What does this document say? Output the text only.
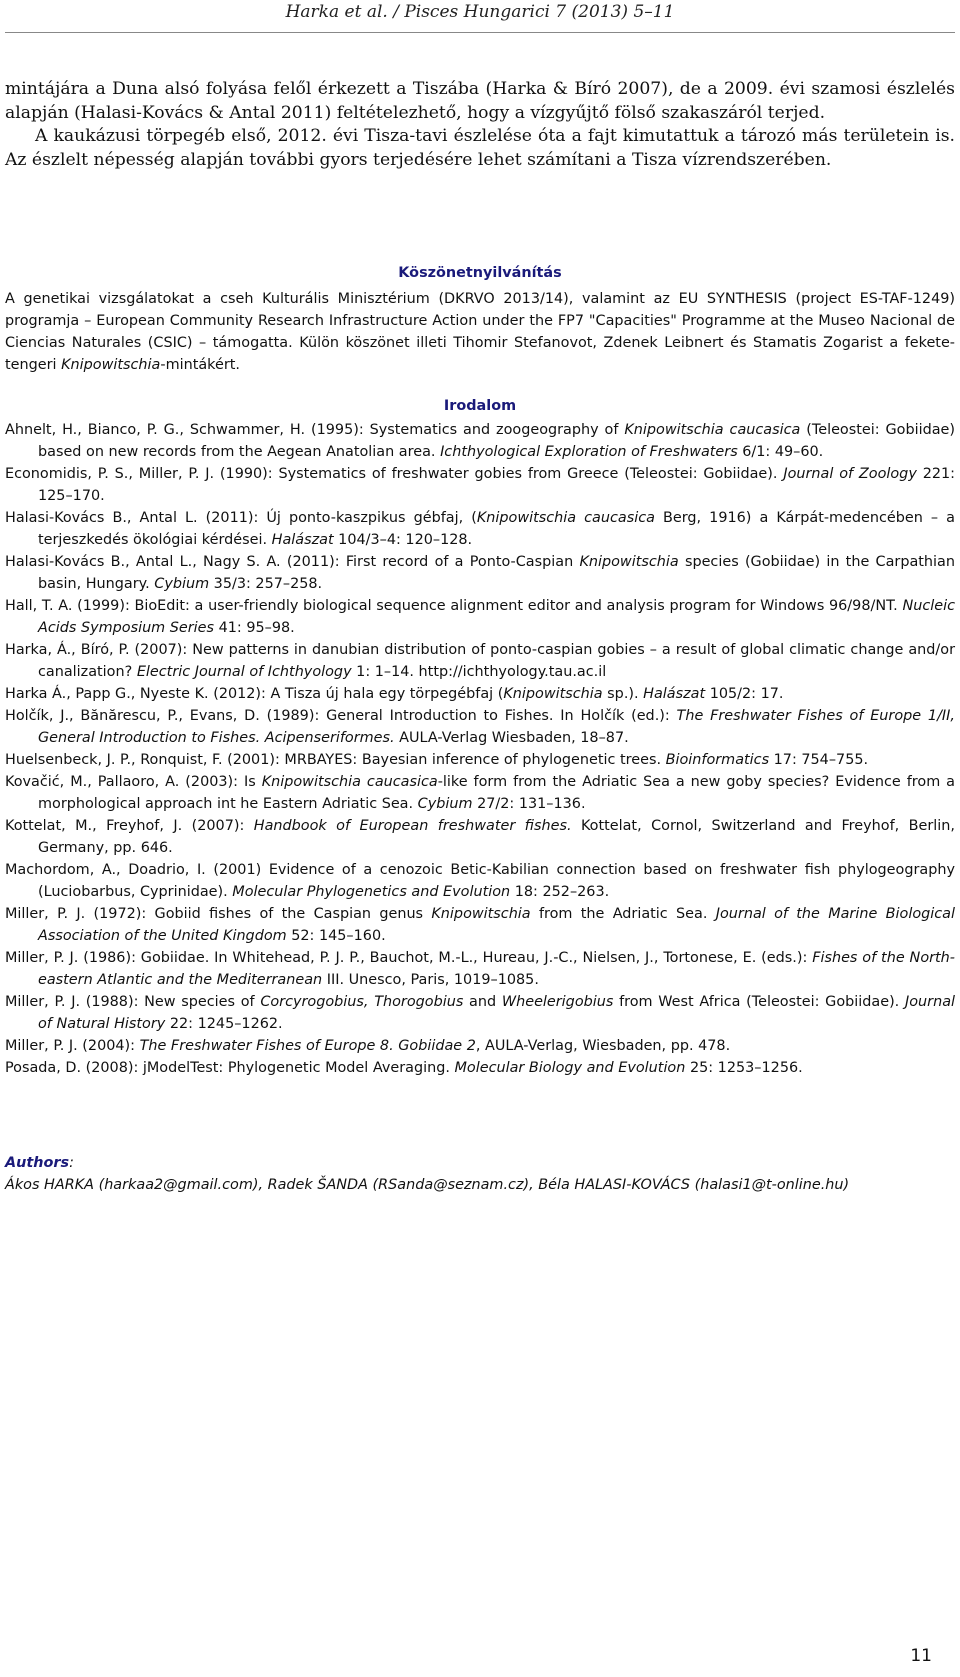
Harka et al. / Pisces Hungarici 7 (2013) 5–11

mintájára a Duna alsó folyása felől érkezett a Tiszába (Harka & Bíró 2007), de a 2009. évi szamosi észlelés alapján (Halasi-Kovács & Antal 2011) feltételezhető, hogy a vízgyűjtő fölső szakaszáról terjed.

A kaukázusi törpegéb első, 2012. évi Tisza-tavi észlelése óta a fajt kimutattuk a tározó más területein is. Az észlelt népesség alapján további gyors terjedésére lehet számítani a Tisza vízrendszerében.

Köszönetnyilvánítás

A genetikai vizsgálatokat a cseh Kulturális Minisztérium (DKRVO 2013/14), valamint az EU SYNTHESIS (project ES-TAF-1249) programja – European Community Research Infrastructure Action under the FP7 "Capacities" Programme at the Museo Nacional de Ciencias Naturales (CSIC) – támogatta. Külön köszönet illeti Tihomir Stefanovot, Zdenek Leibnert és Stamatis Zogarist a fekete-tengeri Knipowitschia-mintákért.

Irodalom

Ahnelt, H., Bianco, P. G., Schwammer, H. (1995): Systematics and zoogeography of Knipowitschia caucasica (Teleostei: Gobiidae) based on new records from the Aegean Anatolian area. Ichthyological Exploration of Freshwaters 6/1: 49–60.

Economidis, P. S., Miller, P. J. (1990): Systematics of freshwater gobies from Greece (Teleostei: Gobiidae). Journal of Zoology 221: 125–170.

Halasi-Kovács B., Antal L. (2011): Új ponto-kaszpikus gébfaj, (Knipowitschia caucasica Berg, 1916) a Kárpát-medencében – a terjeszkedés ökológiai kérdései. Halászat 104/3–4: 120–128.

Halasi-Kovács B., Antal L., Nagy S. A. (2011): First record of a Ponto-Caspian Knipowitschia species (Gobiidae) in the Carpathian basin, Hungary. Cybium 35/3: 257–258.

Hall, T. A. (1999): BioEdit: a user-friendly biological sequence alignment editor and analysis program for Windows 96/98/NT. Nucleic Acids Symposium Series 41: 95–98.

Harka, Á., Bíró, P. (2007): New patterns in danubian distribution of ponto-caspian gobies – a result of global climatic change and/or canalization? Electric Journal of Ichthyology 1: 1–14. http://ichthyology.tau.ac.il

Harka Á., Papp G., Nyeste K. (2012): A Tisza új hala egy törpegébfaj (Knipowitschia sp.). Halászat 105/2: 17.

Holčík, J., Bănărescu, P., Evans, D. (1989): General Introduction to Fishes. In Holčík (ed.): The Freshwater Fishes of Europe 1/II, General Introduction to Fishes. Acipenseriformes. AULA-Verlag Wiesbaden, 18–87.

Huelsenbeck, J. P., Ronquist, F. (2001): MRBAYES: Bayesian inference of phylogenetic trees. Bioinformatics 17: 754–755.

Kovačić, M., Pallaoro, A. (2003): Is Knipowitschia caucasica-like form from the Adriatic Sea a new goby species? Evidence from a morphological approach int he Eastern Adriatic Sea. Cybium 27/2: 131–136.

Kottelat, M., Freyhof, J. (2007): Handbook of European freshwater fishes. Kottelat, Cornol, Switzerland and Freyhof, Berlin, Germany, pp. 646.

Machordom, A., Doadrio, I. (2001) Evidence of a cenozoic Betic-Kabilian connection based on freshwater fish phylogeography (Luciobarbus, Cyprinidae). Molecular Phylogenetics and Evolution 18: 252–263.

Miller, P. J. (1972): Gobiid fishes of the Caspian genus Knipowitschia from the Adriatic Sea. Journal of the Marine Biological Association of the United Kingdom 52: 145–160.

Miller, P. J. (1986): Gobiidae. In Whitehead, P. J. P., Bauchot, M.-L., Hureau, J.-C., Nielsen, J., Tortonese, E. (eds.): Fishes of the North-eastern Atlantic and the Mediterranean III. Unesco, Paris, 1019–1085.

Miller, P. J. (1988): New species of Corcyrogobius, Thorogobius and Wheelerigobius from West Africa (Teleostei: Gobiidae). Journal of Natural History 22: 1245–1262.

Miller, P. J. (2004): The Freshwater Fishes of Europe 8. Gobiidae 2, AULA-Verlag, Wiesbaden, pp. 478.

Posada, D. (2008): jModelTest: Phylogenetic Model Averaging. Molecular Biology and Evolution 25: 1253–1256.

Authors:

Ákos HARKA (harkaa2@gmail.com), Radek ŠANDA (RSanda@seznam.cz), Béla HALASI-KOVÁCS (halasi1@t-online.hu)

11
